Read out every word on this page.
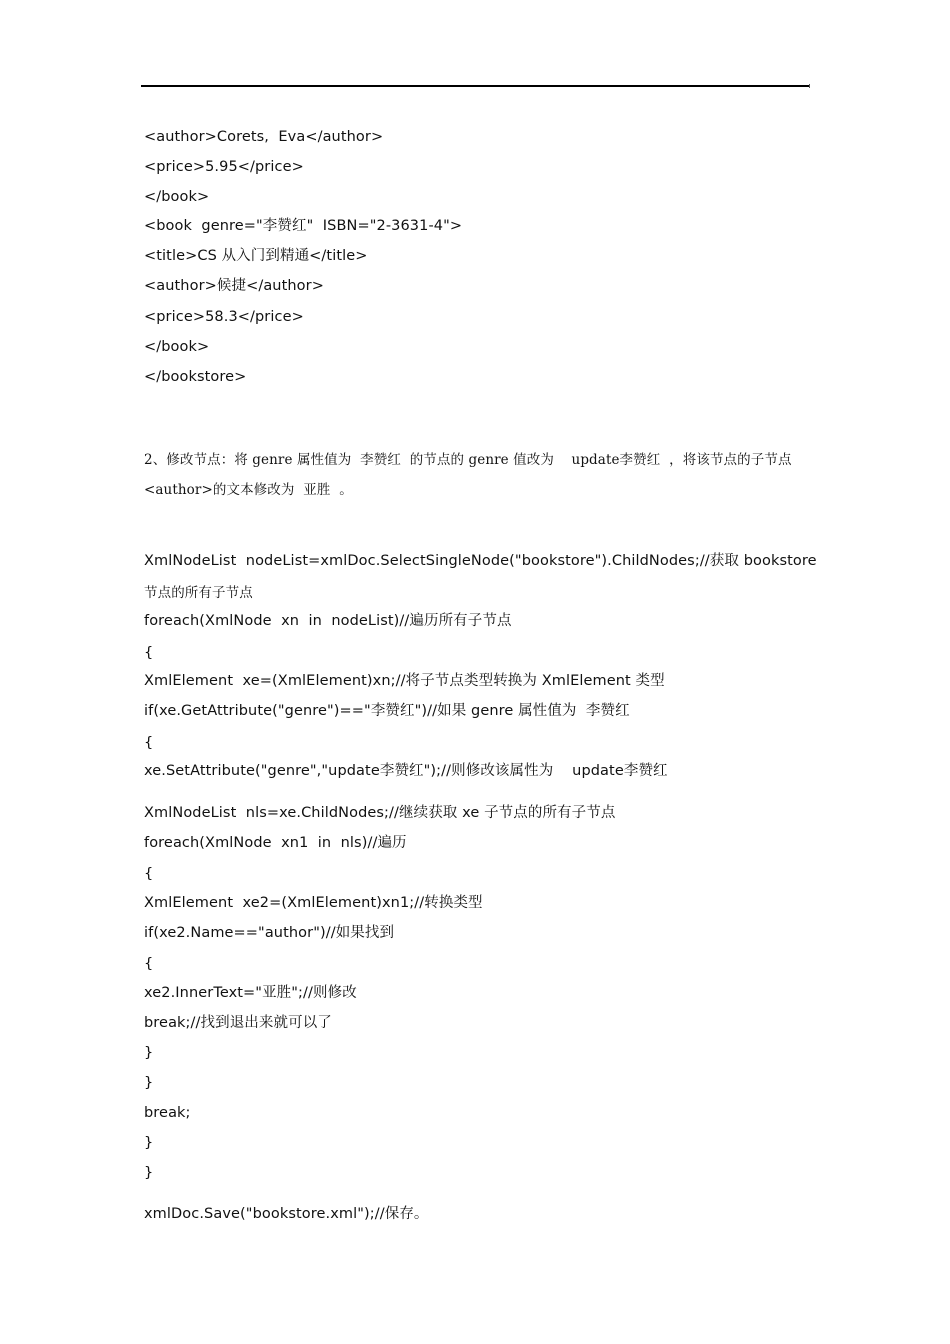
<author>Corets,  Eva</author>
<price>5.95</price>
</book>
<book  genre="李赞红"  ISBN="2-3631-4">
<title>CS 从入门到精通</title>
<author>候捷</author>
<price>58.3</price>
</book>
</bookstore>
2、修改节点：将 genre 属性值为  李赞红  的节点的 genre 值改为    update李赞红  ，将该节点的子节点
<author>的文本修改为  亚胜  。
XmlNodeList  nodeList=xmlDoc.SelectSingleNode("bookstore").ChildNodes;//获取 bookstore
节点的所有子节点
foreach(XmlNode  xn  in  nodeList)//遍历所有子节点
{
XmlElement  xe=(XmlElement)xn;//将子节点类型转换为 XmlElement 类型
if(xe.GetAttribute("genre")=="李赞红")//如果 genre 属性值为  李赞红
{
xe.SetAttribute("genre","update李赞红");//则修改该属性为    update李赞红
XmlNodeList  nls=xe.ChildNodes;//继续获取 xe 子节点的所有子节点
foreach(XmlNode  xn1  in  nls)//遍历
{
XmlElement  xe2=(XmlElement)xn1;//转换类型
if(xe2.Name=="author")//如果找到
{
xe2.InnerText="亚胜";//则修改
break;//找到退出来就可以了
}
}
break;
}
}
xmlDoc.Save("bookstore.xml");//保存。
